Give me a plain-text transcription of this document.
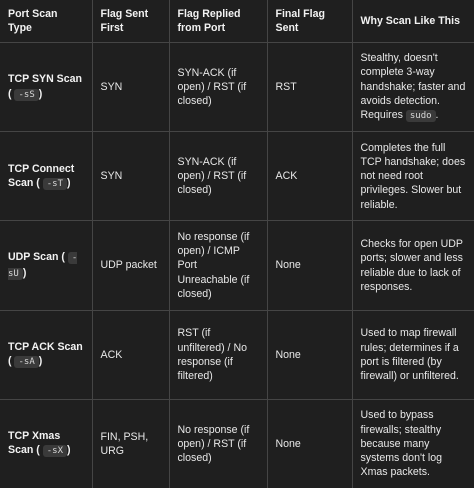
Port Scan Type	Flag Sent First	Flag Replied from Port	Final Flag Sent	Why Scan Like This
TCP SYN Scan ( -sS )	SYN	SYN-ACK (if open) / RST (if closed)	RST	Stealthy, doesn't complete 3-way handshake; faster and avoids detection. Requires sudo .
TCP Connect Scan ( -sT )	SYN	SYN-ACK (if open) / RST (if closed)	ACK	Completes the full TCP handshake; does not need root privileges. Slower but reliable.
UDP Scan ( -sU )	UDP packet	No response (if open) / ICMP Port Unreachable (if closed)	None	Checks for open UDP ports; slower and less reliable due to lack of responses.
TCP ACK Scan ( -sA )	ACK	RST (if unfiltered) / No response (if filtered)	None	Used to map firewall rules; determines if a port is filtered (by firewall) or unfiltered.
TCP Xmas Scan ( -sX )	FIN, PSH, URG	No response (if open) / RST (if closed)	None	Used to bypass firewalls; stealthy because many systems don't log Xmas packets.
